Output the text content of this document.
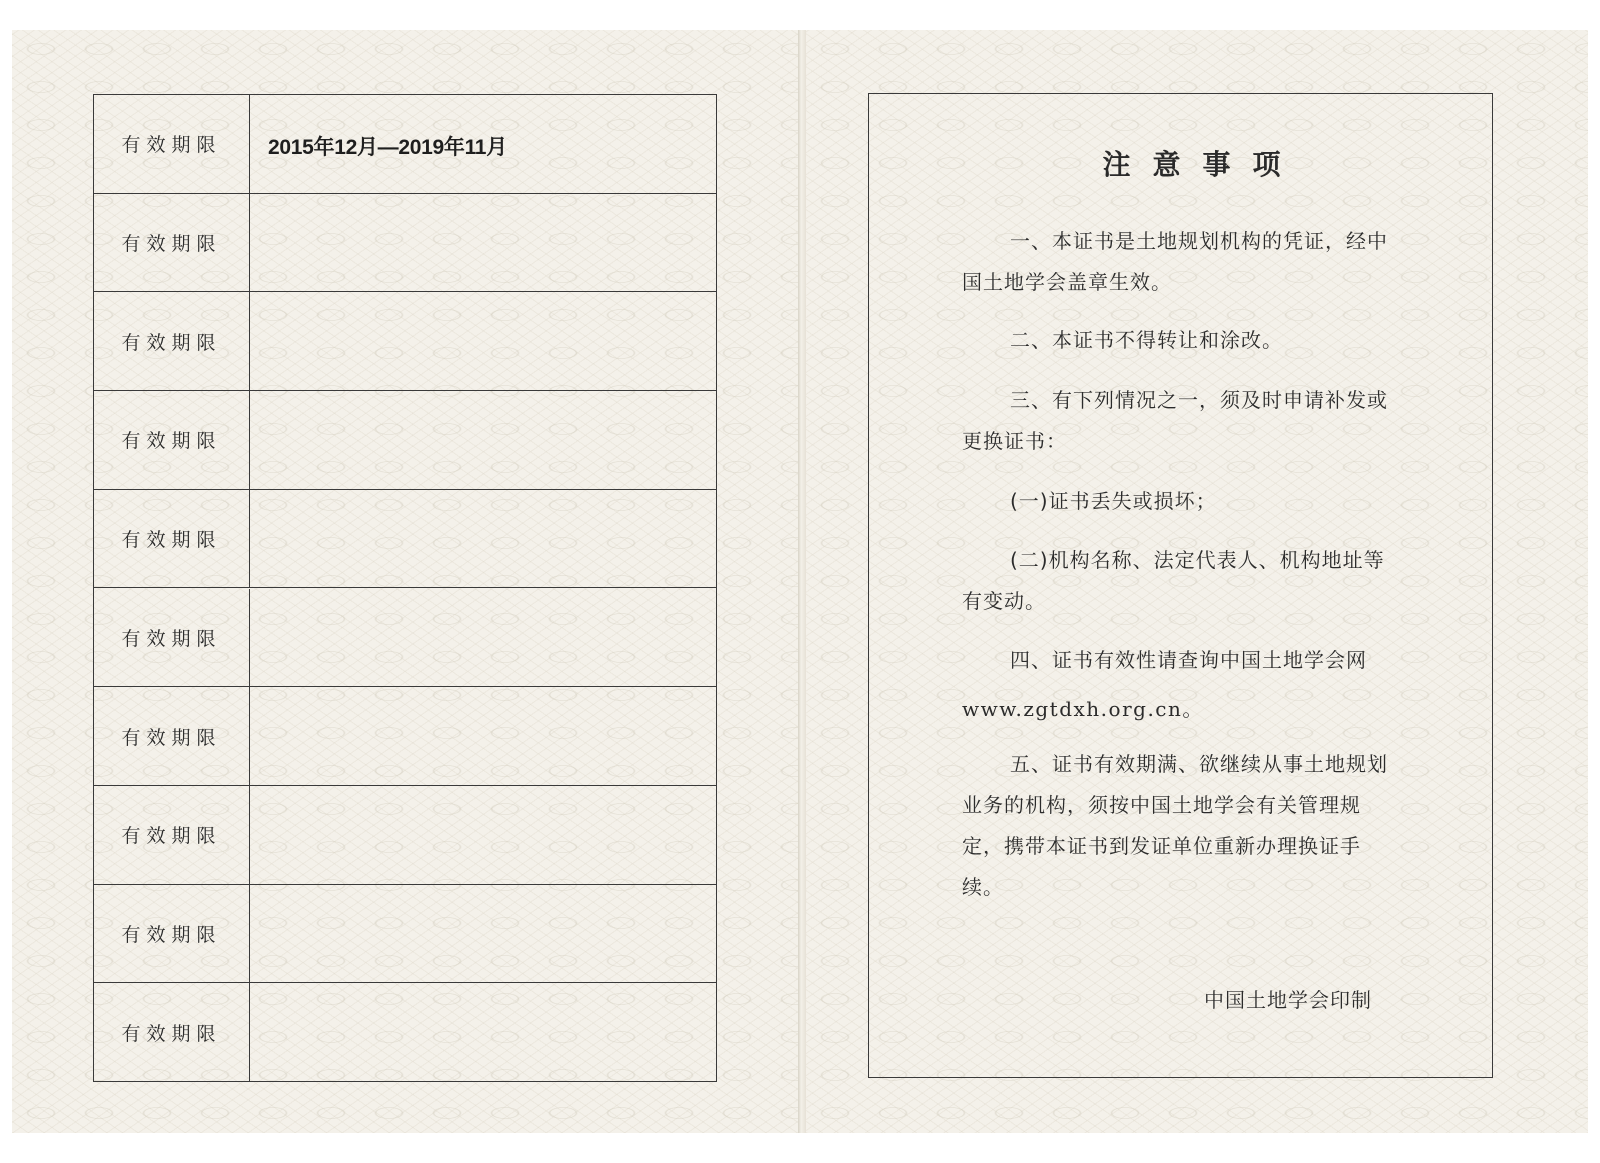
有效期限	2015年12月—2019年11月
有效期限
有效期限
有效期限
有效期限
有效期限
有效期限
有效期限
有效期限
有效期限
注意事项
一、本证书是土地规划机构的凭证，经中国土地学会盖章生效。
二、本证书不得转让和涂改。
三、有下列情况之一，须及时申请补发或更换证书：
(一)证书丢失或损坏；
(二)机构名称、法定代表人、机构地址等有变动。
四、证书有效性请查询中国土地学会网
www.zgtdxh.org.cn。
五、证书有效期满、欲继续从事土地规划业务的机构，须按中国土地学会有关管理规定，携带本证书到发证单位重新办理换证手续。
中国土地学会印制
